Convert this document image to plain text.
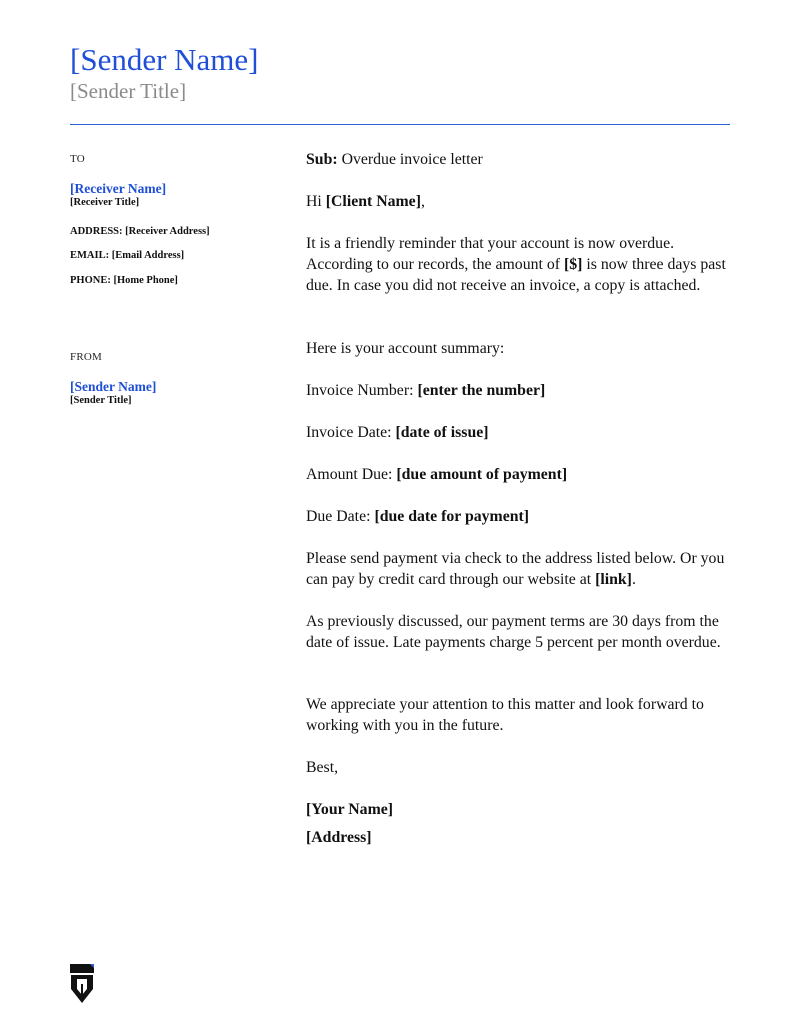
[Sender Name]
[Sender Title]
TO
[Receiver Name]
[Receiver Title]
ADDRESS: [Receiver Address]
EMAIL: [Email Address]
PHONE: [Home Phone]
FROM
[Sender Name]
[Sender Title]
Sub: Overdue invoice letter
Hi [Client Name],
It is a friendly reminder that your account is now overdue. According to our records, the amount of [$] is now three days past due. In case you did not receive an invoice, a copy is attached.
Here is your account summary:
Invoice Number: [enter the number]
Invoice Date: [date of issue]
Amount Due: [due amount of payment]
Due Date: [due date for payment]
Please send payment via check to the address listed below. Or you can pay by credit card through our website at [link].
As previously discussed, our payment terms are 30 days from the date of issue. Late payments charge 5 percent per month overdue.
We appreciate your attention to this matter and look forward to working with you in the future.
Best,
[Your Name]
[Address]
